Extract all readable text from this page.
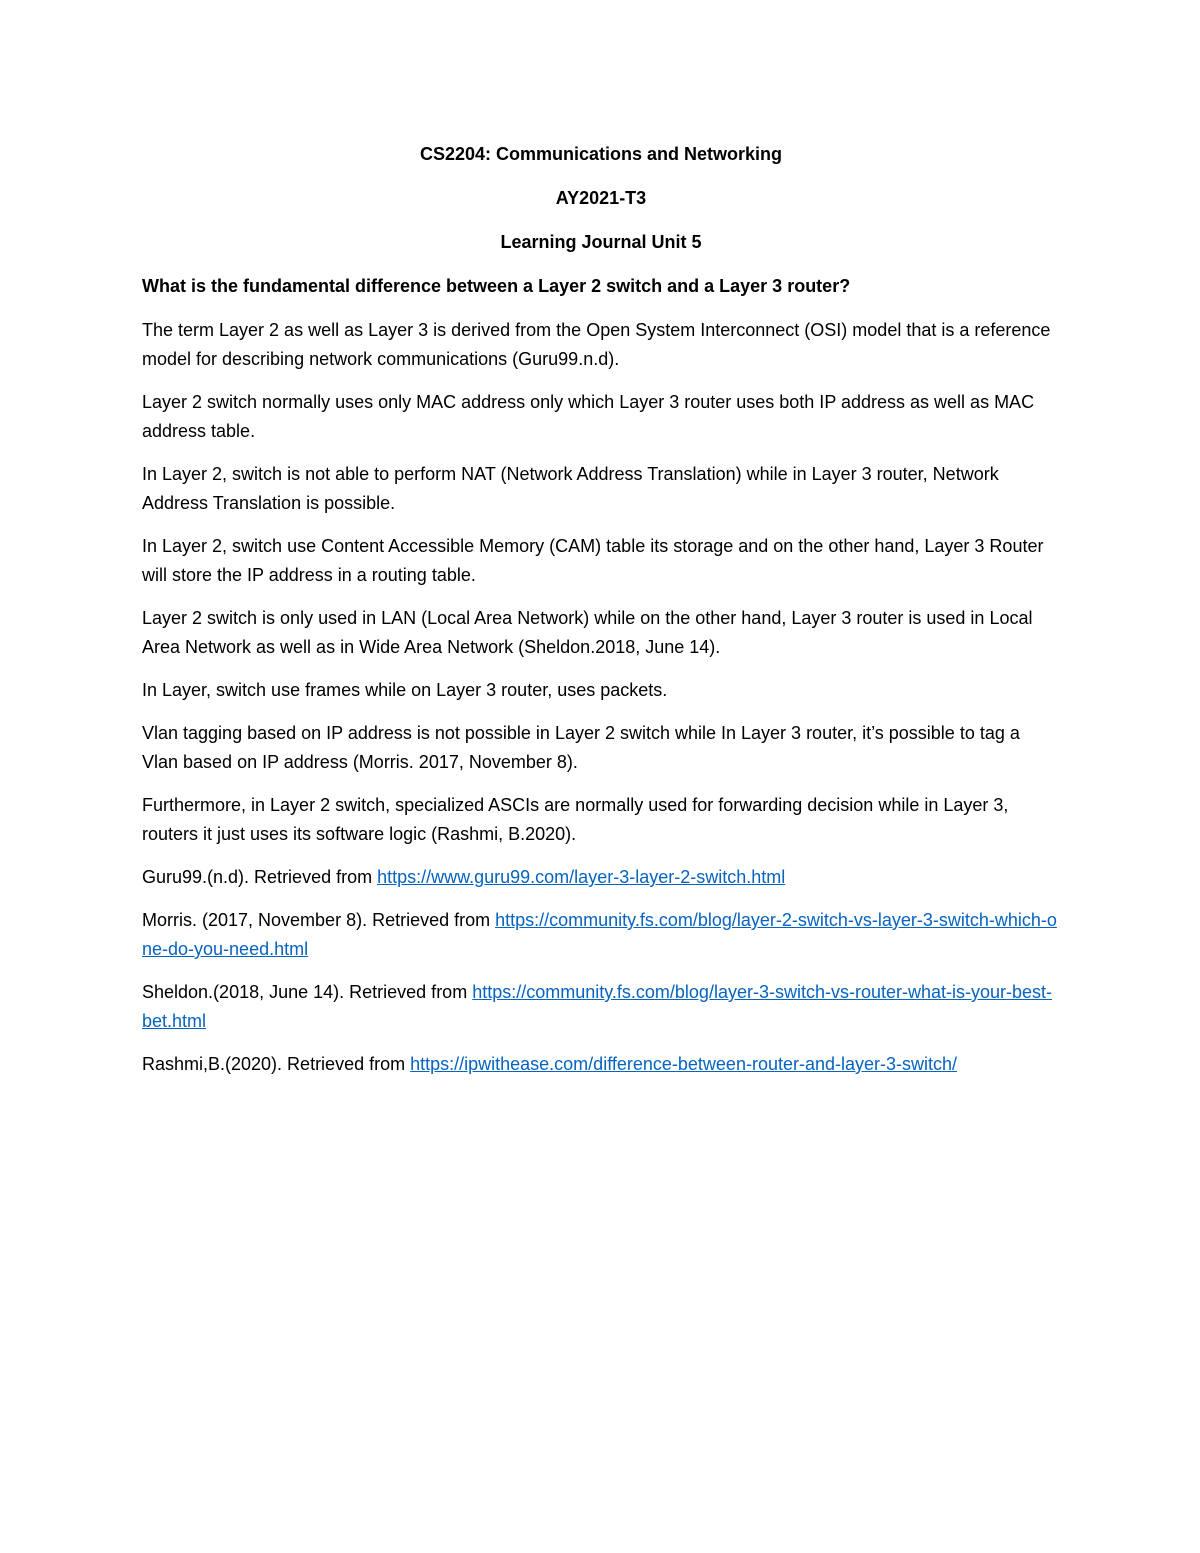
CS2204: Communications and Networking

AY2021-T3

Learning Journal Unit 5

What is the fundamental difference between a Layer 2 switch and a Layer 3 router?

The term Layer 2 as well as Layer 3 is derived from the Open System Interconnect (OSI) model that is a reference model for describing network communications (Guru99.n.d).

Layer 2 switch normally uses only MAC address only which Layer 3 router uses both IP address as well as MAC address table.

In Layer 2, switch is not able to perform NAT (Network Address Translation) while in Layer 3 router, Network Address Translation is possible.

In Layer 2, switch use Content Accessible Memory (CAM) table its storage and on the other hand, Layer 3 Router will store the IP address in a routing table.

Layer 2 switch is only used in LAN (Local Area Network) while on the other hand, Layer 3 router is used in Local Area Network as well as in Wide Area Network (Sheldon.2018, June 14).

In Layer, switch use frames while on Layer 3 router, uses packets.

Vlan tagging based on IP address is not possible in Layer 2 switch while In Layer 3 router, it’s possible to tag a Vlan based on IP address (Morris. 2017, November 8).

Furthermore, in Layer 2 switch, specialized ASCIs are normally used for forwarding decision while in Layer 3, routers it just uses its software logic (Rashmi, B.2020).

Guru99.(n.d). Retrieved from https://www.guru99.com/layer-3-layer-2-switch.html

Morris. (2017, November 8). Retrieved from https://community.fs.com/blog/layer-2-switch-vs-layer-3-switch-which-one-do-you-need.html

Sheldon.(2018, June 14). Retrieved from https://community.fs.com/blog/layer-3-switch-vs-router-what-is-your-best-bet.html

Rashmi,B.(2020). Retrieved from https://ipwithease.com/difference-between-router-and-layer-3-switch/
